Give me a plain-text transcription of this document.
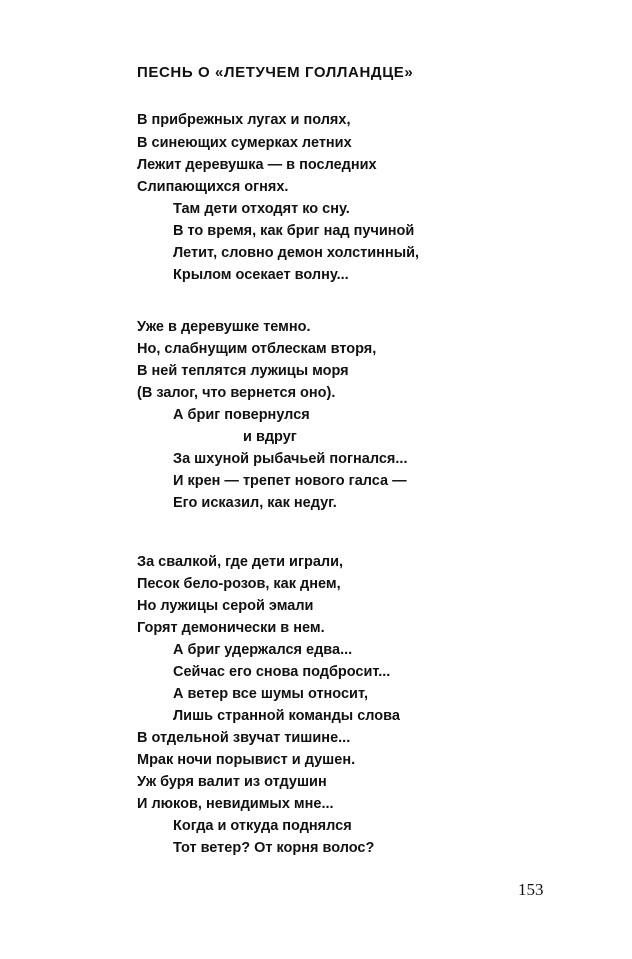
ПЕСНЬ О «ЛЕТУЧЕМ ГОЛЛАНДЦЕ»
В прибрежных лугах и полях,
В синеющих сумерках летних
Лежит деревушка — в последних
Слипающихся огнях.
Там дети отходят ко сну.
В то время, как бриг над пучиной
Летит, словно демон холстинный,
Крылом осекает волну...
Уже в деревушке темно.
Но, слабнущим отблескам вторя,
В ней теплятся лужицы моря
(В залог, что вернется оно).
А бриг повернулся
и вдруг
За шхуной рыбачьей погнался...
И крен — трепет нового галса —
Его исказил, как недуг.
За свалкой, где дети играли,
Песок бело-розов, как днем,
Но лужицы серой эмали
Горят демонически в нем.
А бриг удержался едва...
Сейчас его снова подбросит...
А ветер все шумы относит,
Лишь странной команды слова
В отдельной звучат тишине...
Мрак ночи порывист и душен.
Уж буря валит из отдушин
И люков, невидимых мне...
Когда и откуда поднялся
Тот ветер? От корня волос?
153
